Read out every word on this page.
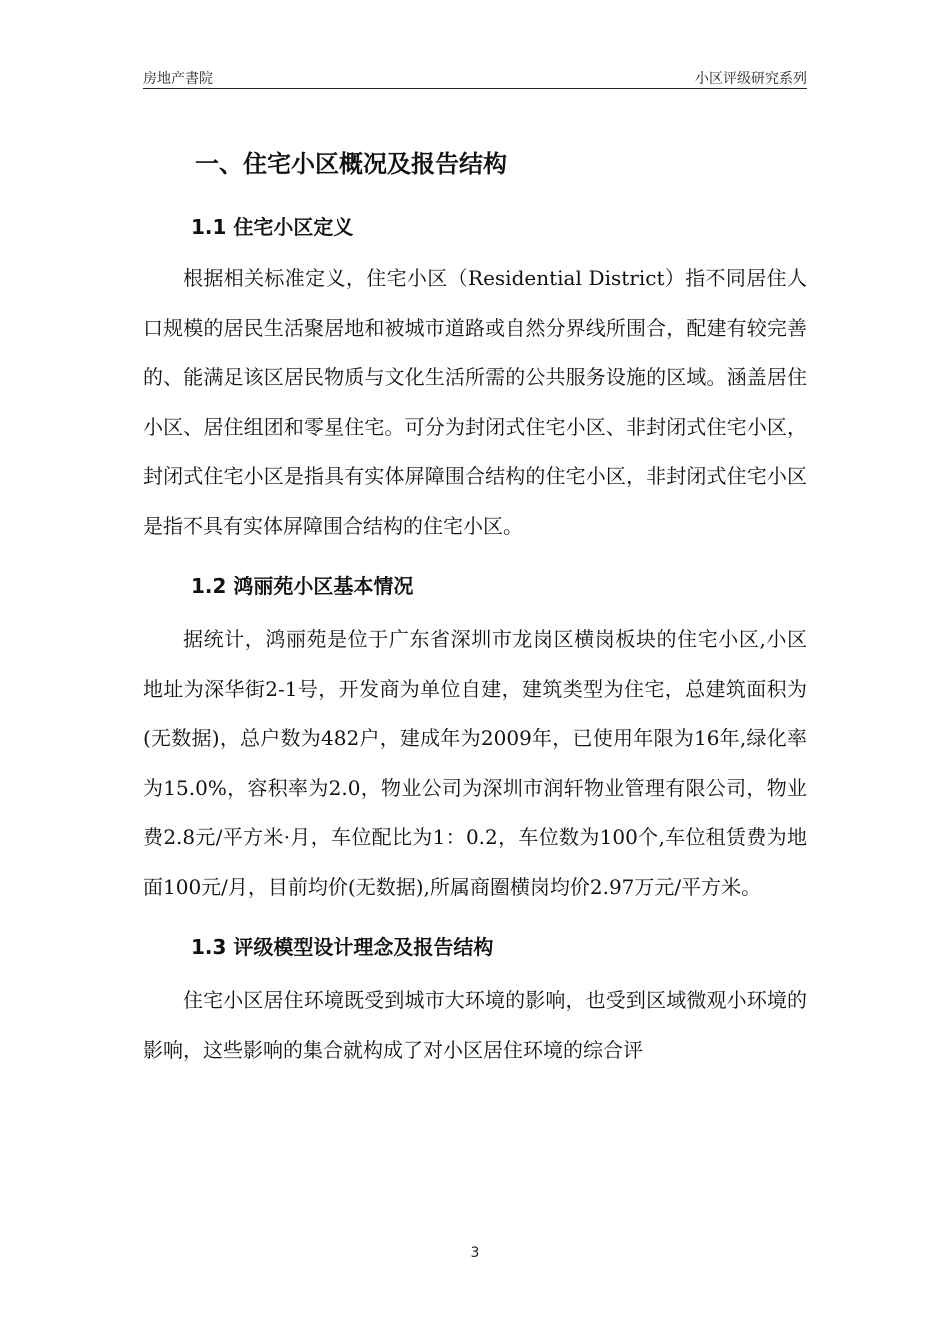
房地产書院	小区评级研究系列
一、住宅小区概况及报告结构
1.1 住宅小区定义

根据相关标准定义，住宅小区（Residential District）指不同居住人口规模的居民生活聚居地和被城市道路或自然分界线所围合，配建有较完善的、能满足该区居民物质与文化生活所需的公共服务设施的区域。涵盖居住小区、居住组团和零星住宅。可分为封闭式住宅小区、非封闭式住宅小区，封闭式住宅小区是指具有实体屏障围合结构的住宅小区，非封闭式住宅小区是指不具有实体屏障围合结构的住宅小区。

1.2 鸿丽苑小区基本情况

据统计，鸿丽苑是位于广东省深圳市龙岗区横岗板块的住宅小区,小区地址为深华街2-1号，开发商为单位自建，建筑类型为住宅，总建筑面积为(无数据)，总户数为482户，建成年为2009年，已使用年限为16年,绿化率为15.0%，容积率为2.0，物业公司为深圳市润轩物业管理有限公司，物业费2.8元/平方米·月，车位配比为1：0.2，车位数为100个,车位租赁费为地面100元/月，目前均价(无数据),所属商圈横岗均价2.97万元/平方米。

1.3 评级模型设计理念及报告结构

住宅小区居住环境既受到城市大环境的影响，也受到区域微观小环境的影响，这些影响的集合就构成了对小区居住环境的综合评

3
